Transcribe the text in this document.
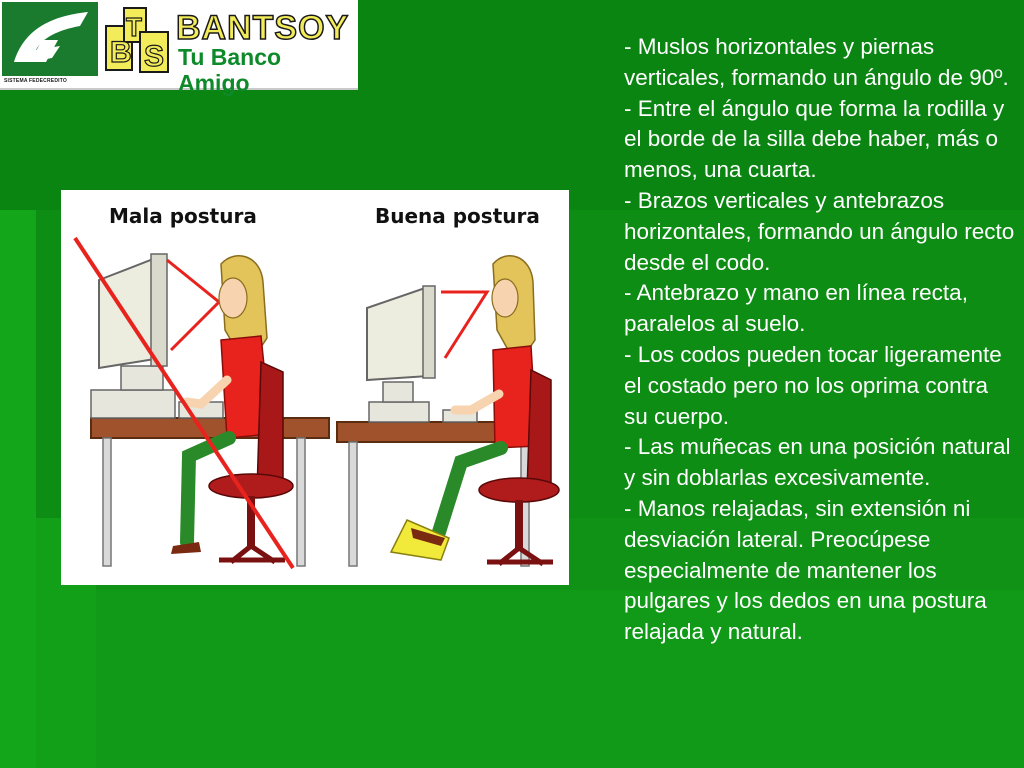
SISTEMA FEDECREDITO
B
T
S
BANTSOY
Tu Banco Amigo
Mala postura	Buena postura

- Muslos horizontales y piernas verticales, formando un ángulo de 90º.

- Entre el ángulo que forma la rodilla y el borde de la silla debe haber, más o menos, una cuarta.

- Brazos verticales y antebrazos horizontales, formando un ángulo recto desde el codo.

- Antebrazo y mano en línea recta, paralelos al suelo.

- Los codos pueden tocar ligeramente el costado pero no los oprima contra su cuerpo.

- Las muñecas en una posición natural y sin doblarlas excesivamente.

- Manos relajadas, sin extensión ni desviación lateral. Preocúpese especialmente de mantener los pulgares y los dedos en una postura relajada y natural.
